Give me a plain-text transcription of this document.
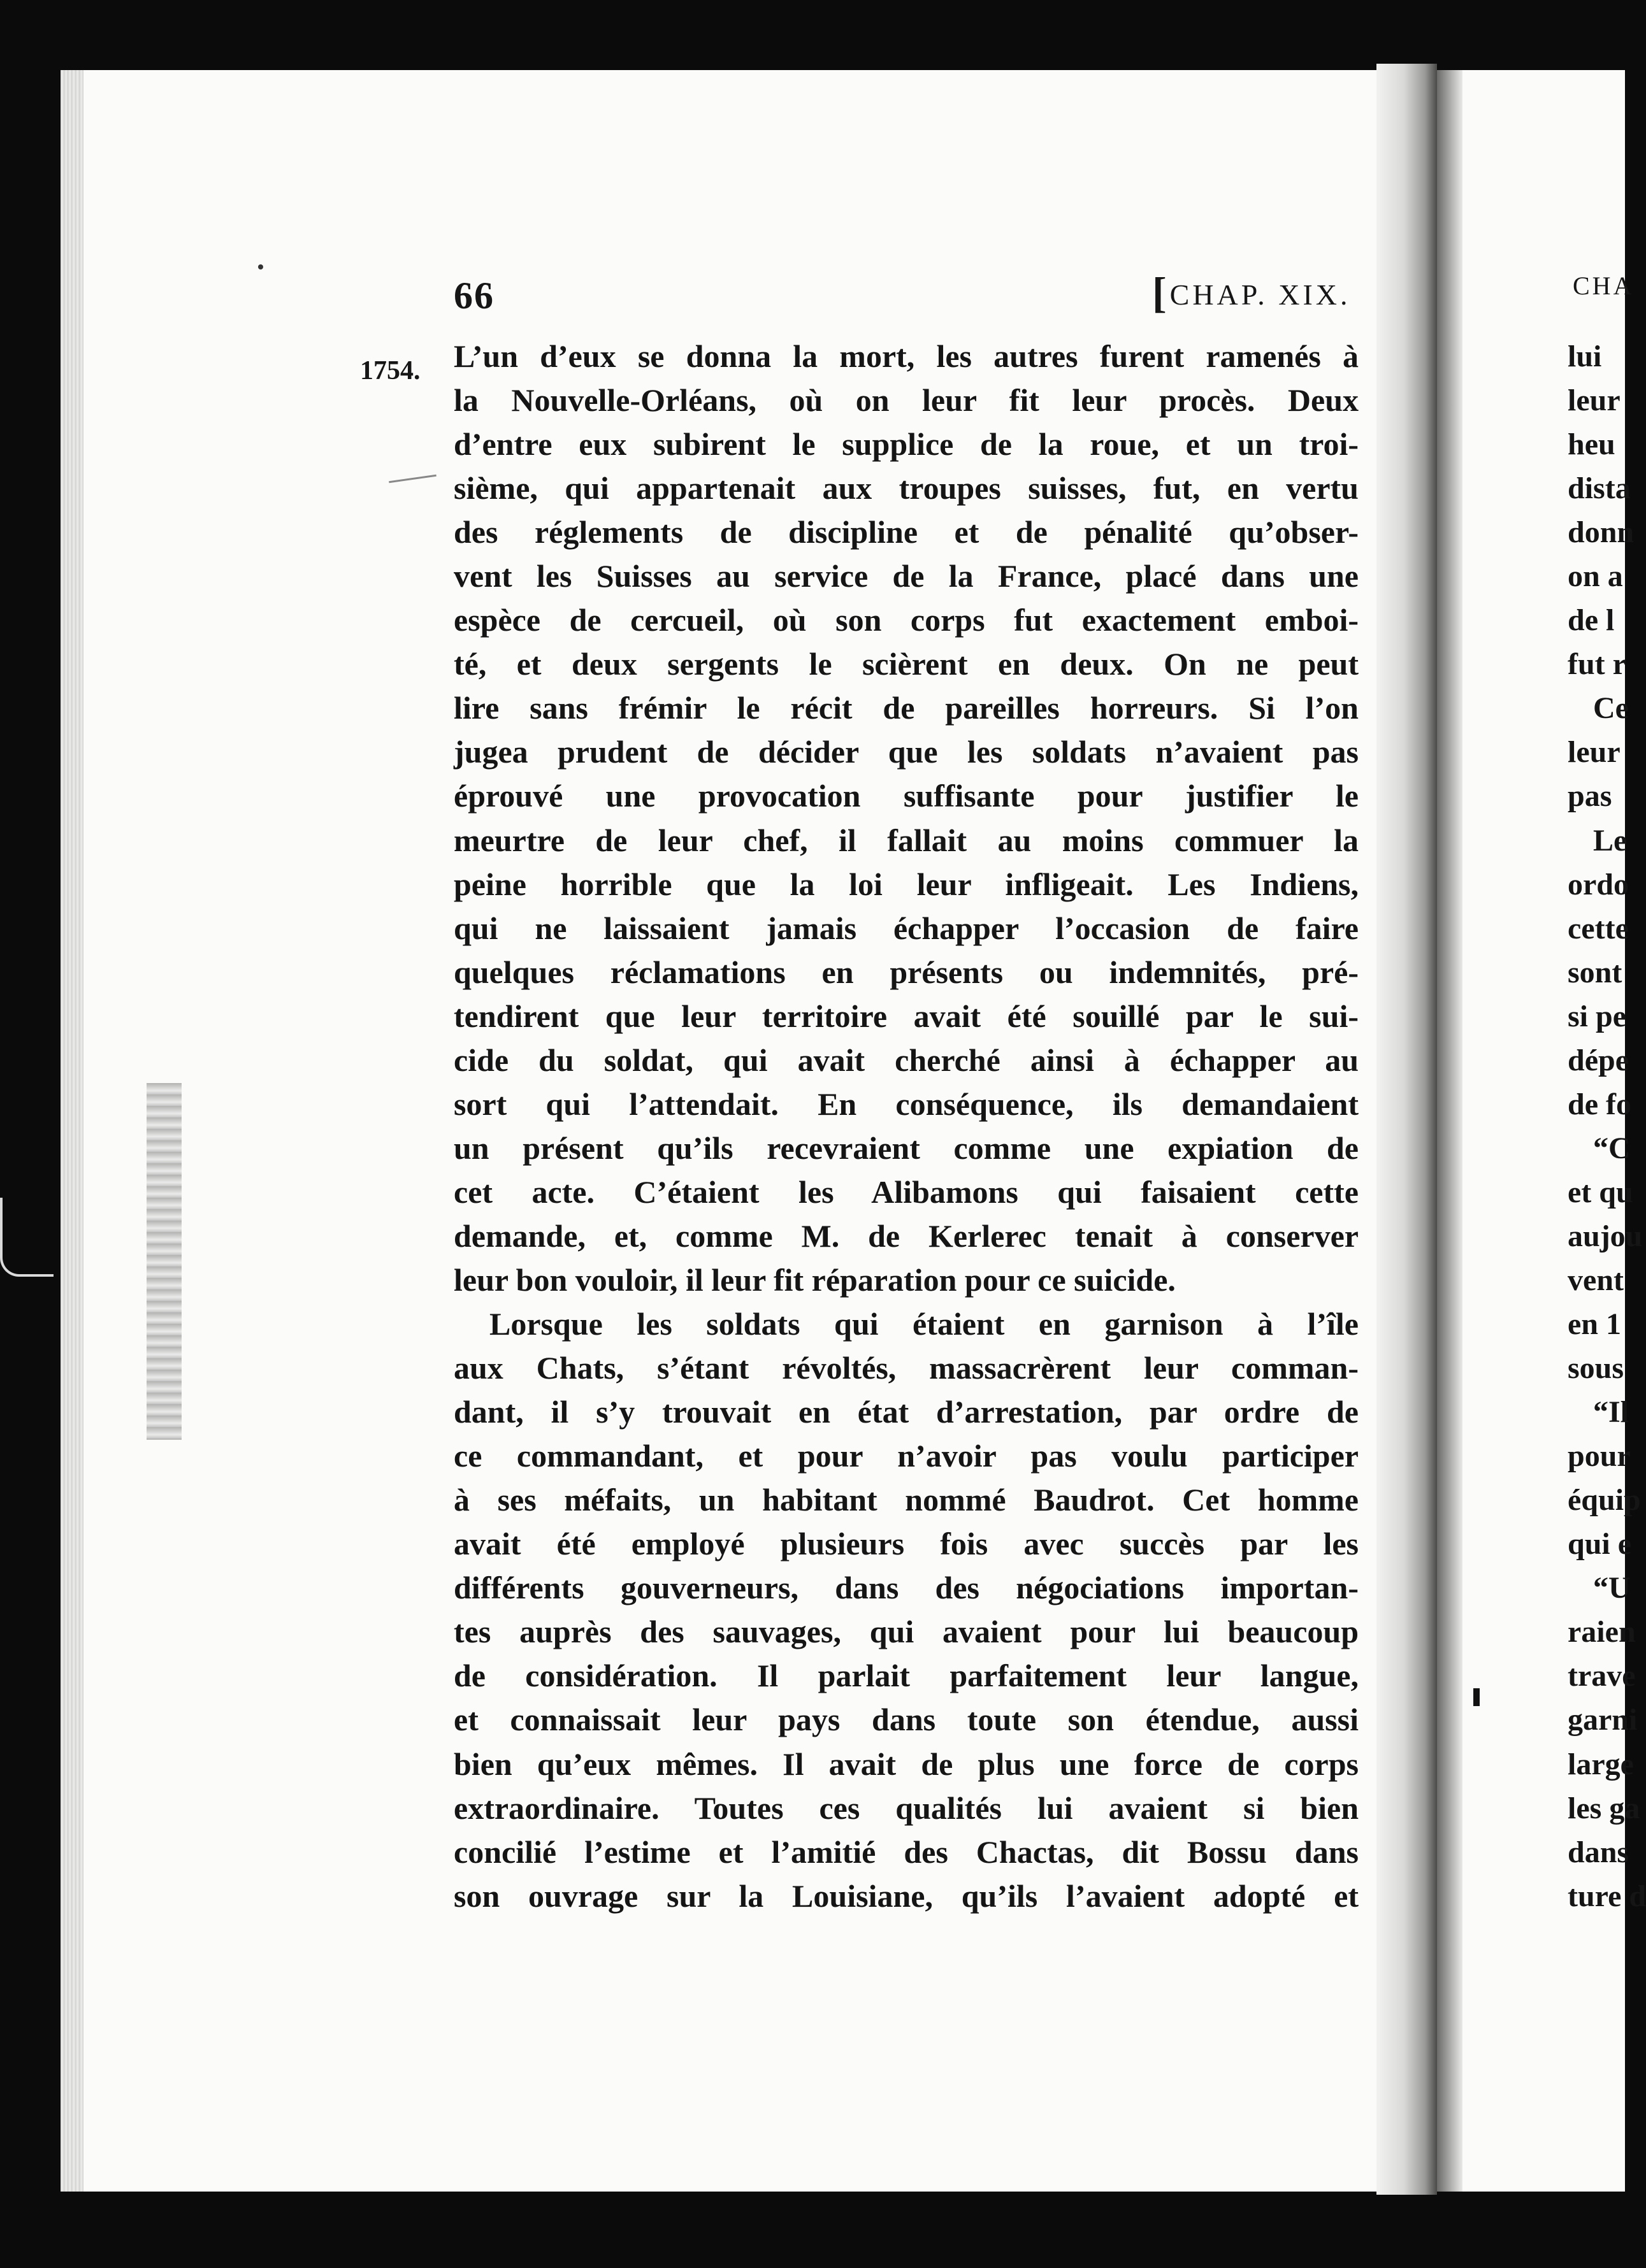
66	[CHAP. XIX.
1754. L’un d’eux se donna la mort, les autres furent ramenés à
la Nouvelle-Orléans, où on leur fit leur procès. Deux
d’entre eux subirent le supplice de la roue, et un troi-
sième, qui appartenait aux troupes suisses, fut, en vertu
des réglements de discipline et de pénalité qu’obser-
vent les Suisses au service de la France, placé dans une
espèce de cercueil, où son corps fut exactement emboi-
té, et deux sergents le scièrent en deux. On ne peut
lire sans frémir le récit de pareilles horreurs. Si l’on
jugea prudent de décider que les soldats n’avaient pas
éprouvé une provocation suffisante pour justifier le
meurtre de leur chef, il fallait au moins commuer la
peine horrible que la loi leur infligeait. Les Indiens,
qui ne laissaient jamais échapper l’occasion de faire
quelques réclamations en présents ou indemnités, pré-
tendirent que leur territoire avait été souillé par le sui-
cide du soldat, qui avait cherché ainsi à échapper au
sort qui l’attendait. En conséquence, ils demandaient
un présent qu’ils recevraient comme une expiation de
cet acte. C’étaient les Alibamons qui faisaient cette
demande, et, comme M. de Kerlerec tenait à conserver
leur bon vouloir, il leur fit réparation pour ce suicide.
Lorsque les soldats qui étaient en garnison à l’île
aux Chats, s’étant révoltés, massacrèrent leur comman-
dant, il s’y trouvait en état d’arrestation, par ordre de
ce commandant, et pour n’avoir pas voulu participer
à ses méfaits, un habitant nommé Baudrot. Cet homme
avait été employé plusieurs fois avec succès par les
différents gouverneurs, dans des négociations importan-
tes auprès des sauvages, qui avaient pour lui beaucoup
de considération. Il parlait parfaitement leur langue,
et connaissait leur pays dans toute son étendue, aussi
bien qu’eux mêmes. Il avait de plus une force de corps
extraordinaire. Toutes ces qualités lui avaient si bien
concilié l’estime et l’amitié des Chactas, dit Bossu dans
son ouvrage sur la Louisiane, qu’ils l’avaient adopté et
CHA
lui
leur
heu
dista
donn
on a
de l
fut r
Ce
leur
pas
Le
ordo
cette
sont
si pe
dépe
de fo
“C
et qu
aujou
vent
en 1
sous
“Il
pour
équip
qui e
“U
raien
trave
garni
large
les ga
dans
ture d
